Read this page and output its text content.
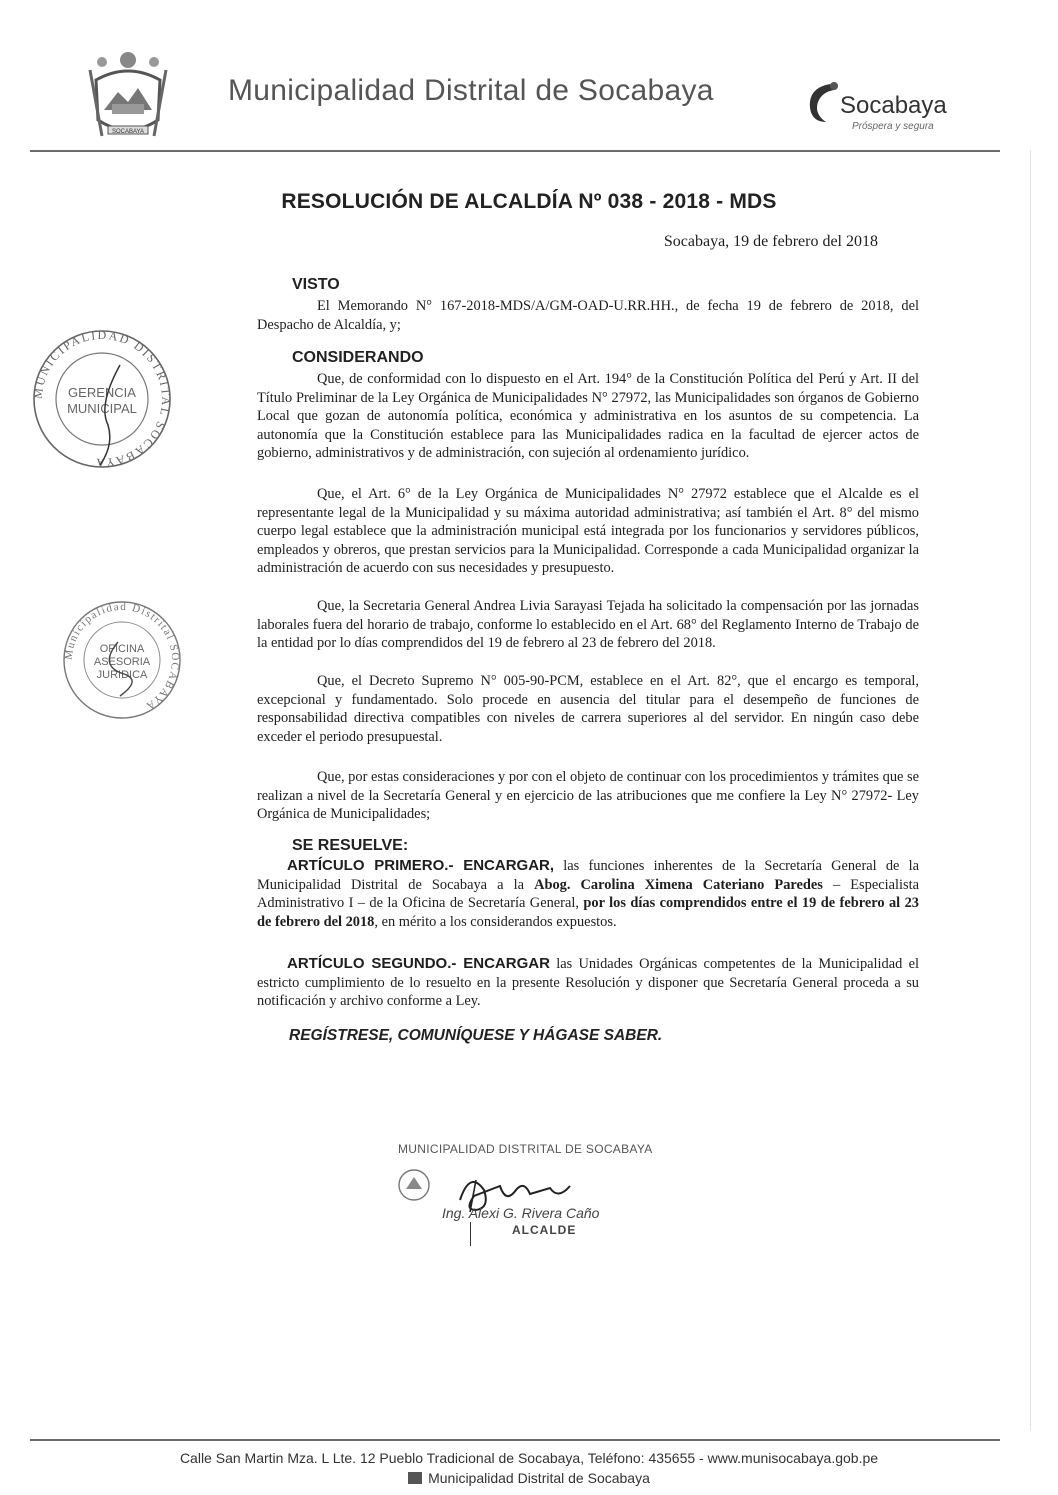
SOCABAYA
Municipalidad Distrital de Socabaya	Socabaya
Próspera y segura
RESOLUCIÓN DE ALCALDÍA Nº 038 - 2018 - MDS
Socabaya, 19 de febrero del 2018
VISTO
El Memorando N° 167-2018-MDS/A/GM-OAD-U.RR.HH., de fecha 19 de febrero de 2018, del Despacho de Alcaldía, y;
CONSIDERANDO
Que, de conformidad con lo dispuesto en el Art. 194° de la Constitución Política del Perú y Art. II del Título Preliminar de la Ley Orgánica de Municipalidades N° 27972, las Municipalidades son órganos de Gobierno Local que gozan de autonomía política, económica y administrativa en los asuntos de su competencia. La autonomía que la Constitución establece para las Municipalidades radica en la facultad de ejercer actos de gobierno, administrativos y de administración, con sujeción al ordenamiento jurídico.
Que, el Art. 6° de la Ley Orgánica de Municipalidades N° 27972 establece que el Alcalde es el representante legal de la Municipalidad y su máxima autoridad administrativa; así también el Art. 8° del mismo cuerpo legal establece que la administración municipal está integrada por los funcionarios y servidores públicos, empleados y obreros, que prestan servicios para la Municipalidad. Corresponde a cada Municipalidad organizar la administración de acuerdo con sus necesidades y presupuesto.
Que, la Secretaria General Andrea Livia Sarayasi Tejada ha solicitado la compensación por las jornadas laborales fuera del horario de trabajo, conforme lo establecido en el Art. 68° del Reglamento Interno de Trabajo de la entidad por lo días comprendidos del 19 de febrero al 23 de febrero del 2018.
Que, el Decreto Supremo N° 005-90-PCM, establece en el Art. 82°, que el encargo es temporal, excepcional y fundamentado. Solo procede en ausencia del titular para el desempeño de funciones de responsabilidad directiva compatibles con niveles de carrera superiores al del servidor. En ningún caso debe exceder el periodo presupuestal.
Que, por estas consideraciones y por con el objeto de continuar con los procedimientos y trámites que se realizan a nivel de la Secretaría General y en ejercicio de las atribuciones que me confiere la Ley N° 27972- Ley Orgánica de Municipalidades;
SE RESUELVE:
ARTÍCULO PRIMERO.- ENCARGAR, las funciones inherentes de la Secretaría General de la Municipalidad Distrital de Socabaya a la Abog. Carolina Ximena Cateriano Paredes – Especialista Administrativo I – de la Oficina de Secretaría General, por los días comprendidos entre el 19 de febrero al 23 de febrero del 2018, en mérito a los considerandos expuestos.
ARTÍCULO SEGUNDO.- ENCARGAR las Unidades Orgánicas competentes de la Municipalidad el estricto cumplimiento de lo resuelto en la presente Resolución y disponer que Secretaría General proceda a su notificación y archivo conforme a Ley.
REGÍSTRESE, COMUNÍQUESE Y HÁGASE SABER.
MUNICIPALIDAD DISTRITAL SOCABAYA
GERENCIA
MUNICIPAL
Municipalidad Distrital SOCABAYA
OFICINA
ASESORIA
JURIDICA
MUNICIPALIDAD DISTRITAL DE SOCABAYA
Ing. Alexi G. Rivera Caño
ALCALDE
Calle San Martin Mza. L Lte. 12 Pueblo Tradicional de Socabaya, Teléfono: 435655 - www.munisocabaya.gob.pe
Municipalidad Distrital de Socabaya
